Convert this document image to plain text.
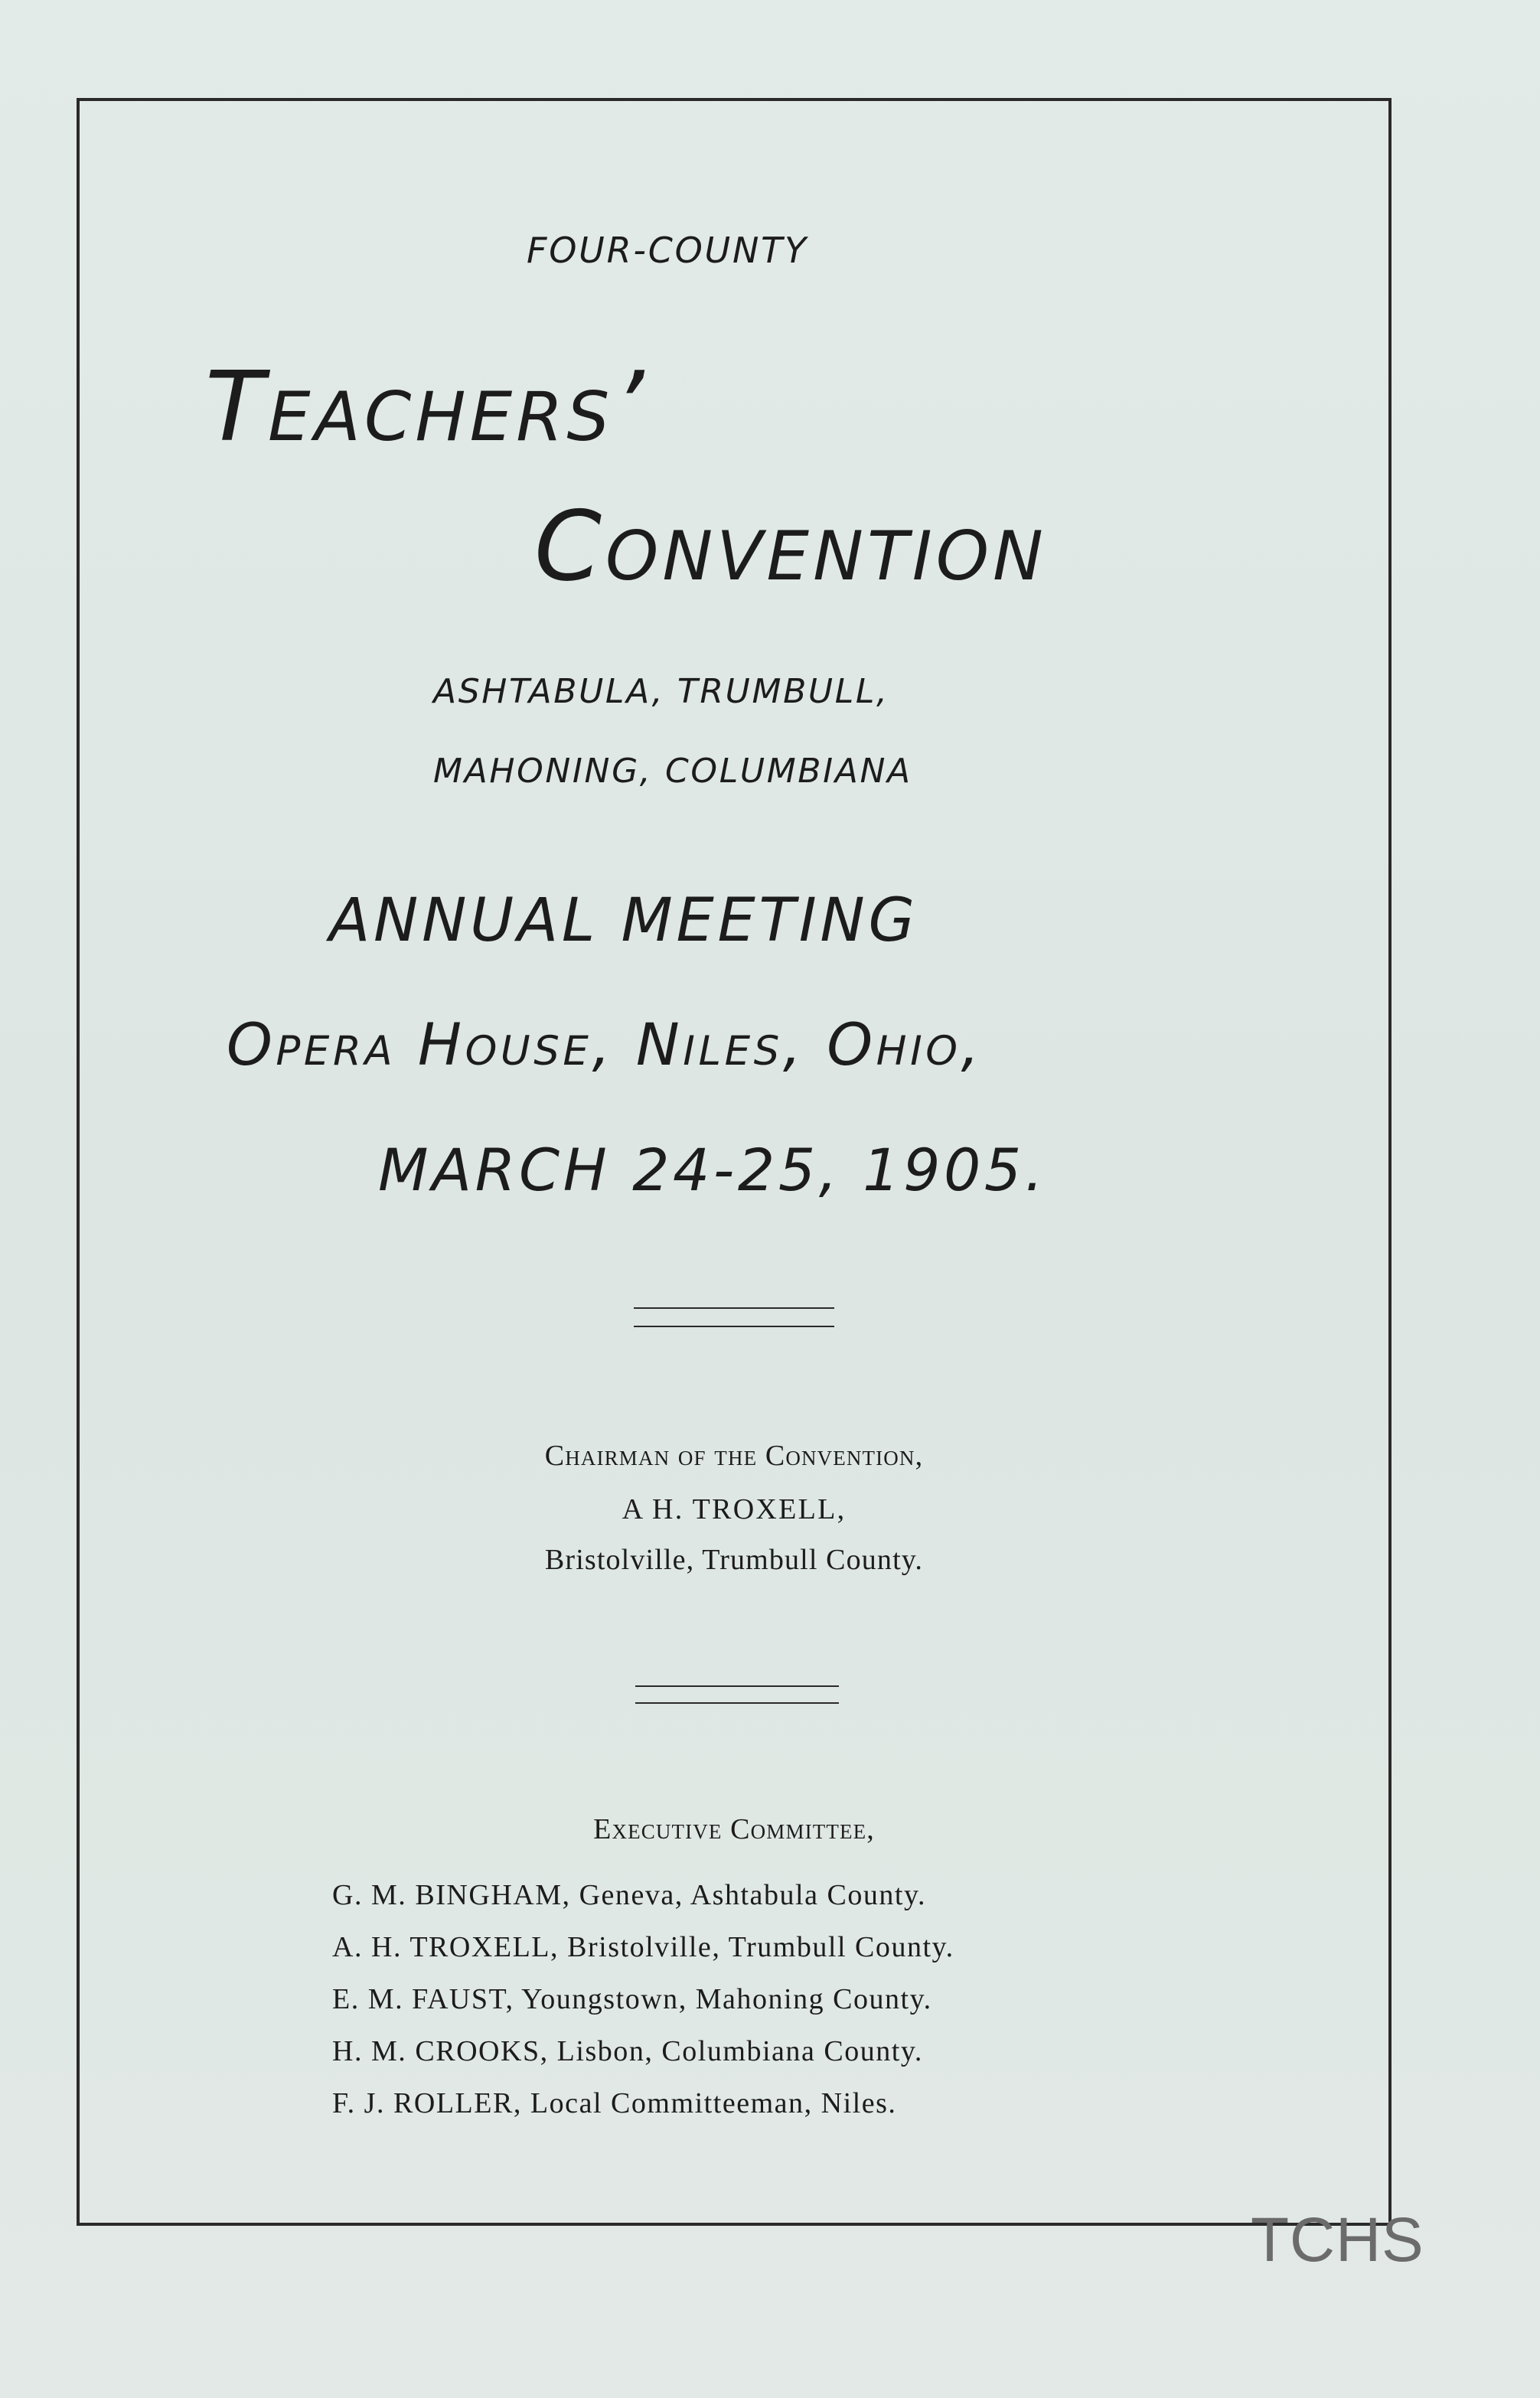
FOUR-COUNTY
Teachers’
Convention
ASHTABULA, TRUMBULL,
MAHONING, COLUMBIANA
ANNUAL MEETING
Opera House, Niles, Ohio,
MARCH 24-25, 1905.
Chairman of the Convention,
A H. TROXELL,
Bristolville, Trumbull County.
Executive Committee,
G. M. BINGHAM, Geneva, Ashtabula County.
A. H. TROXELL, Bristolville, Trumbull County.
E. M. FAUST, Youngstown, Mahoning County.
H. M. CROOKS, Lisbon, Columbiana County.
F. J. ROLLER, Local Committeeman, Niles.
TCHS
